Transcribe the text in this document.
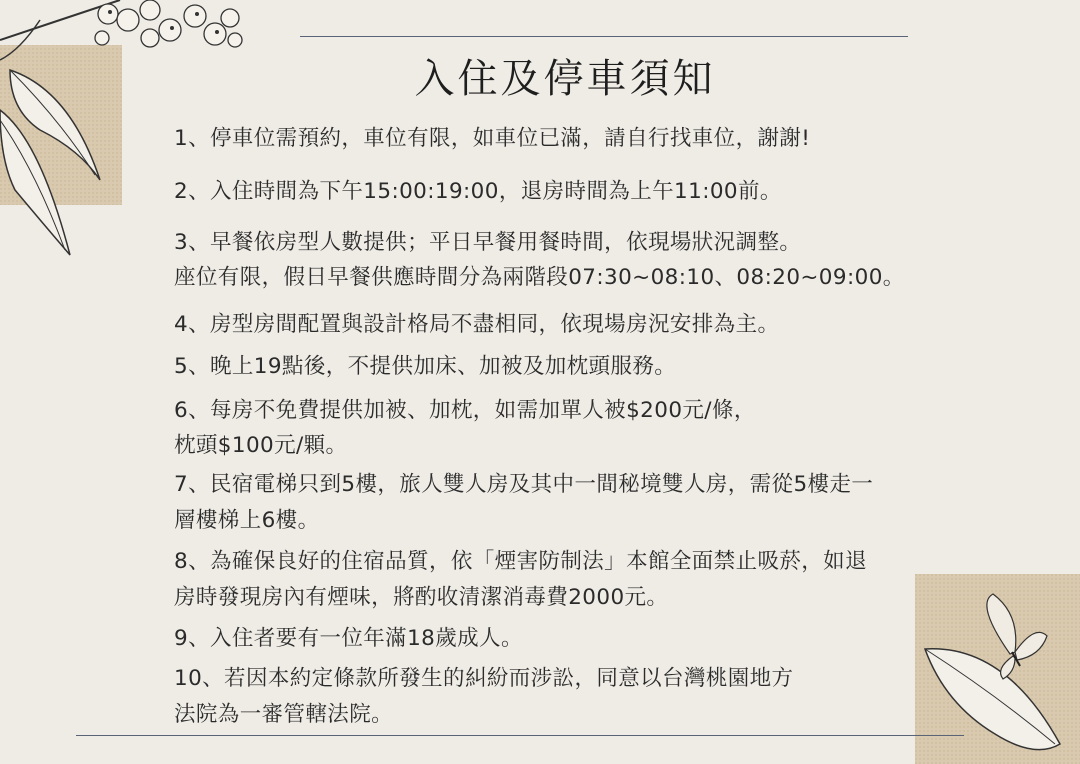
入住及停車須知
1、停車位需預約，車位有限，如車位已滿，請自行找車位，謝謝!
2、入住時間為下午15:00:19:00，退房時間為上午11:00前。
3、早餐依房型人數提供；平日早餐用餐時間，依現場狀況調整。
座位有限，假日早餐供應時間分為兩階段07:30~08:10、08:20~09:00。
4、房型房間配置與設計格局不盡相同，依現場房況安排為主。
5、晚上19點後，不提供加床、加被及加枕頭服務。
6、每房不免費提供加被、加枕，如需加單人被$200元/條，
枕頭$100元/顆。
7、民宿電梯只到5樓，旅人雙人房及其中一間秘境雙人房，需從5樓走一
層樓梯上6樓。
8、為確保良好的住宿品質，依「煙害防制法」本館全面禁止吸菸，如退
房時發現房內有煙味，將酌收清潔消毒費2000元。
9、入住者要有一位年滿18歲成人。
10、若因本約定條款所發生的糾紛而涉訟，同意以台灣桃園地方
法院為一審管轄法院。
